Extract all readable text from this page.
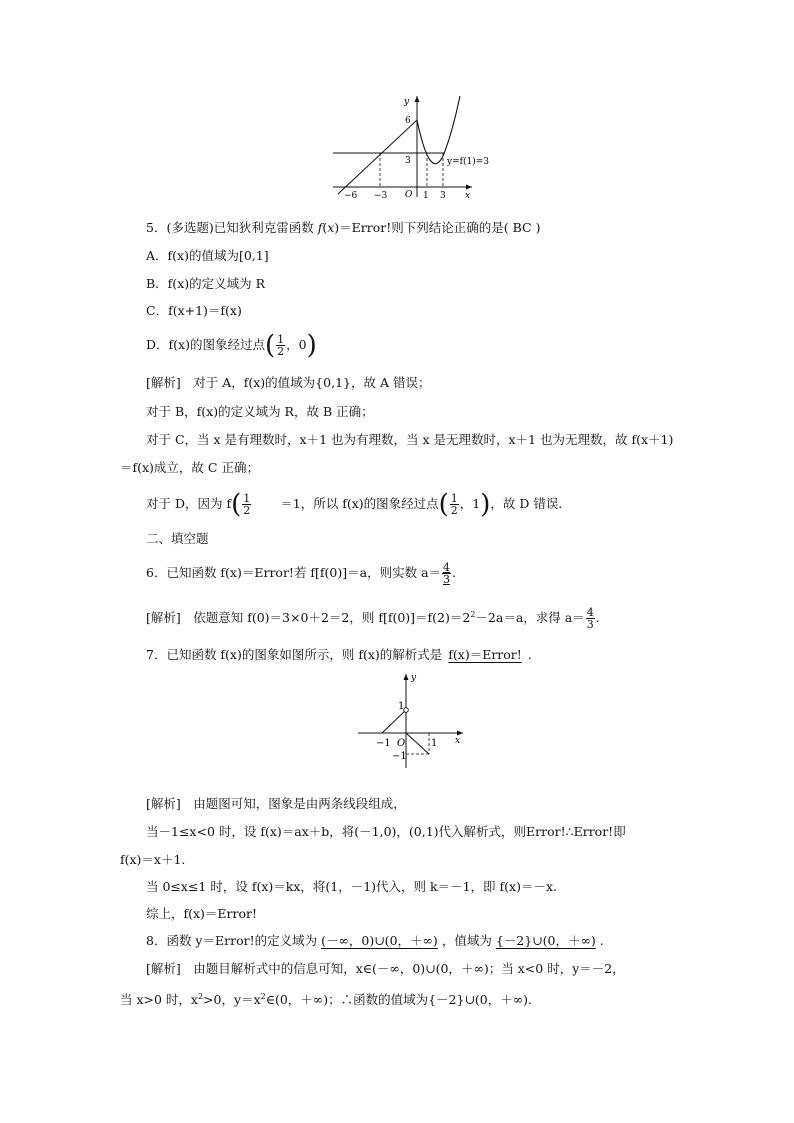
y
x
6
3
O
−6 −3	1 3
y=f(1)=3
5．(多选题)已知狄利克雷函数 f(x)＝Error!则下列结论正确的是( BC )
A．f(x)的值域为[0,1]
B．f(x)的定义域为 R
C．f(x+1)＝f(x)
D．f(x)的图象经过点( $\frac{1}{2}$ ，0)
[解析]　对于 A，f(x)的值域为{0,1}，故 A 错误；
对于 B，f(x)的定义域为 R，故 B 正确；
对于 C，当 x 是有理数时，x＋1 也为有理数，当 x 是无理数时，x＋1 也为无理数，故 f(x＋1)
＝f(x)成立，故 C 正确；
对于 D，因为 $f( \frac{1}{2} =1$，所以 f(x)的图象经过点( $\frac{1}{2}$ ，1)，故 D 错误.
二、填空题
6．已知函数 f(x)＝Error!若 f[f(0)]＝a，则实数 $a= \frac{4}{3}$ .
[解析]　依题意知 f(0)＝3×0＋2＝2，则 $f[f(0)]=f(2)=2^2-2a=a$，求得 $a= \frac{4}{3}$ .
7．已知函数 f(x)的图象如图所示，则 f(x)的解析式是 f(x)＝Error! .
y
x
1
O
−1	1
−1
[解析]　由题图可知，图象是由两条线段组成，
当－1≤x<0 时，设 f(x)＝ax＋b，将(－1,0)，(0,1)代入解析式，则Error!∴Error!即
f(x)＝x＋1.
当 0≤x≤1 时，设 f(x)＝kx，将(1，－1)代入，则 k＝－1，即 f(x)＝－x.
综上，f(x)＝Error!
8．函数 y＝Error!的定义域为 (－∞，0)∪(0，＋∞) ，值域为 {－2}∪(0，＋∞) .
[解析]　由题目解析式中的信息可知，x∈(－∞，0)∪(0，＋∞)；当 x<0 时，y＝－2，
当 x>0 时，$x^2>0$，$y=x^2\in(0$，＋∞)；∴函数的值域为{－2}∪(0，＋∞).
